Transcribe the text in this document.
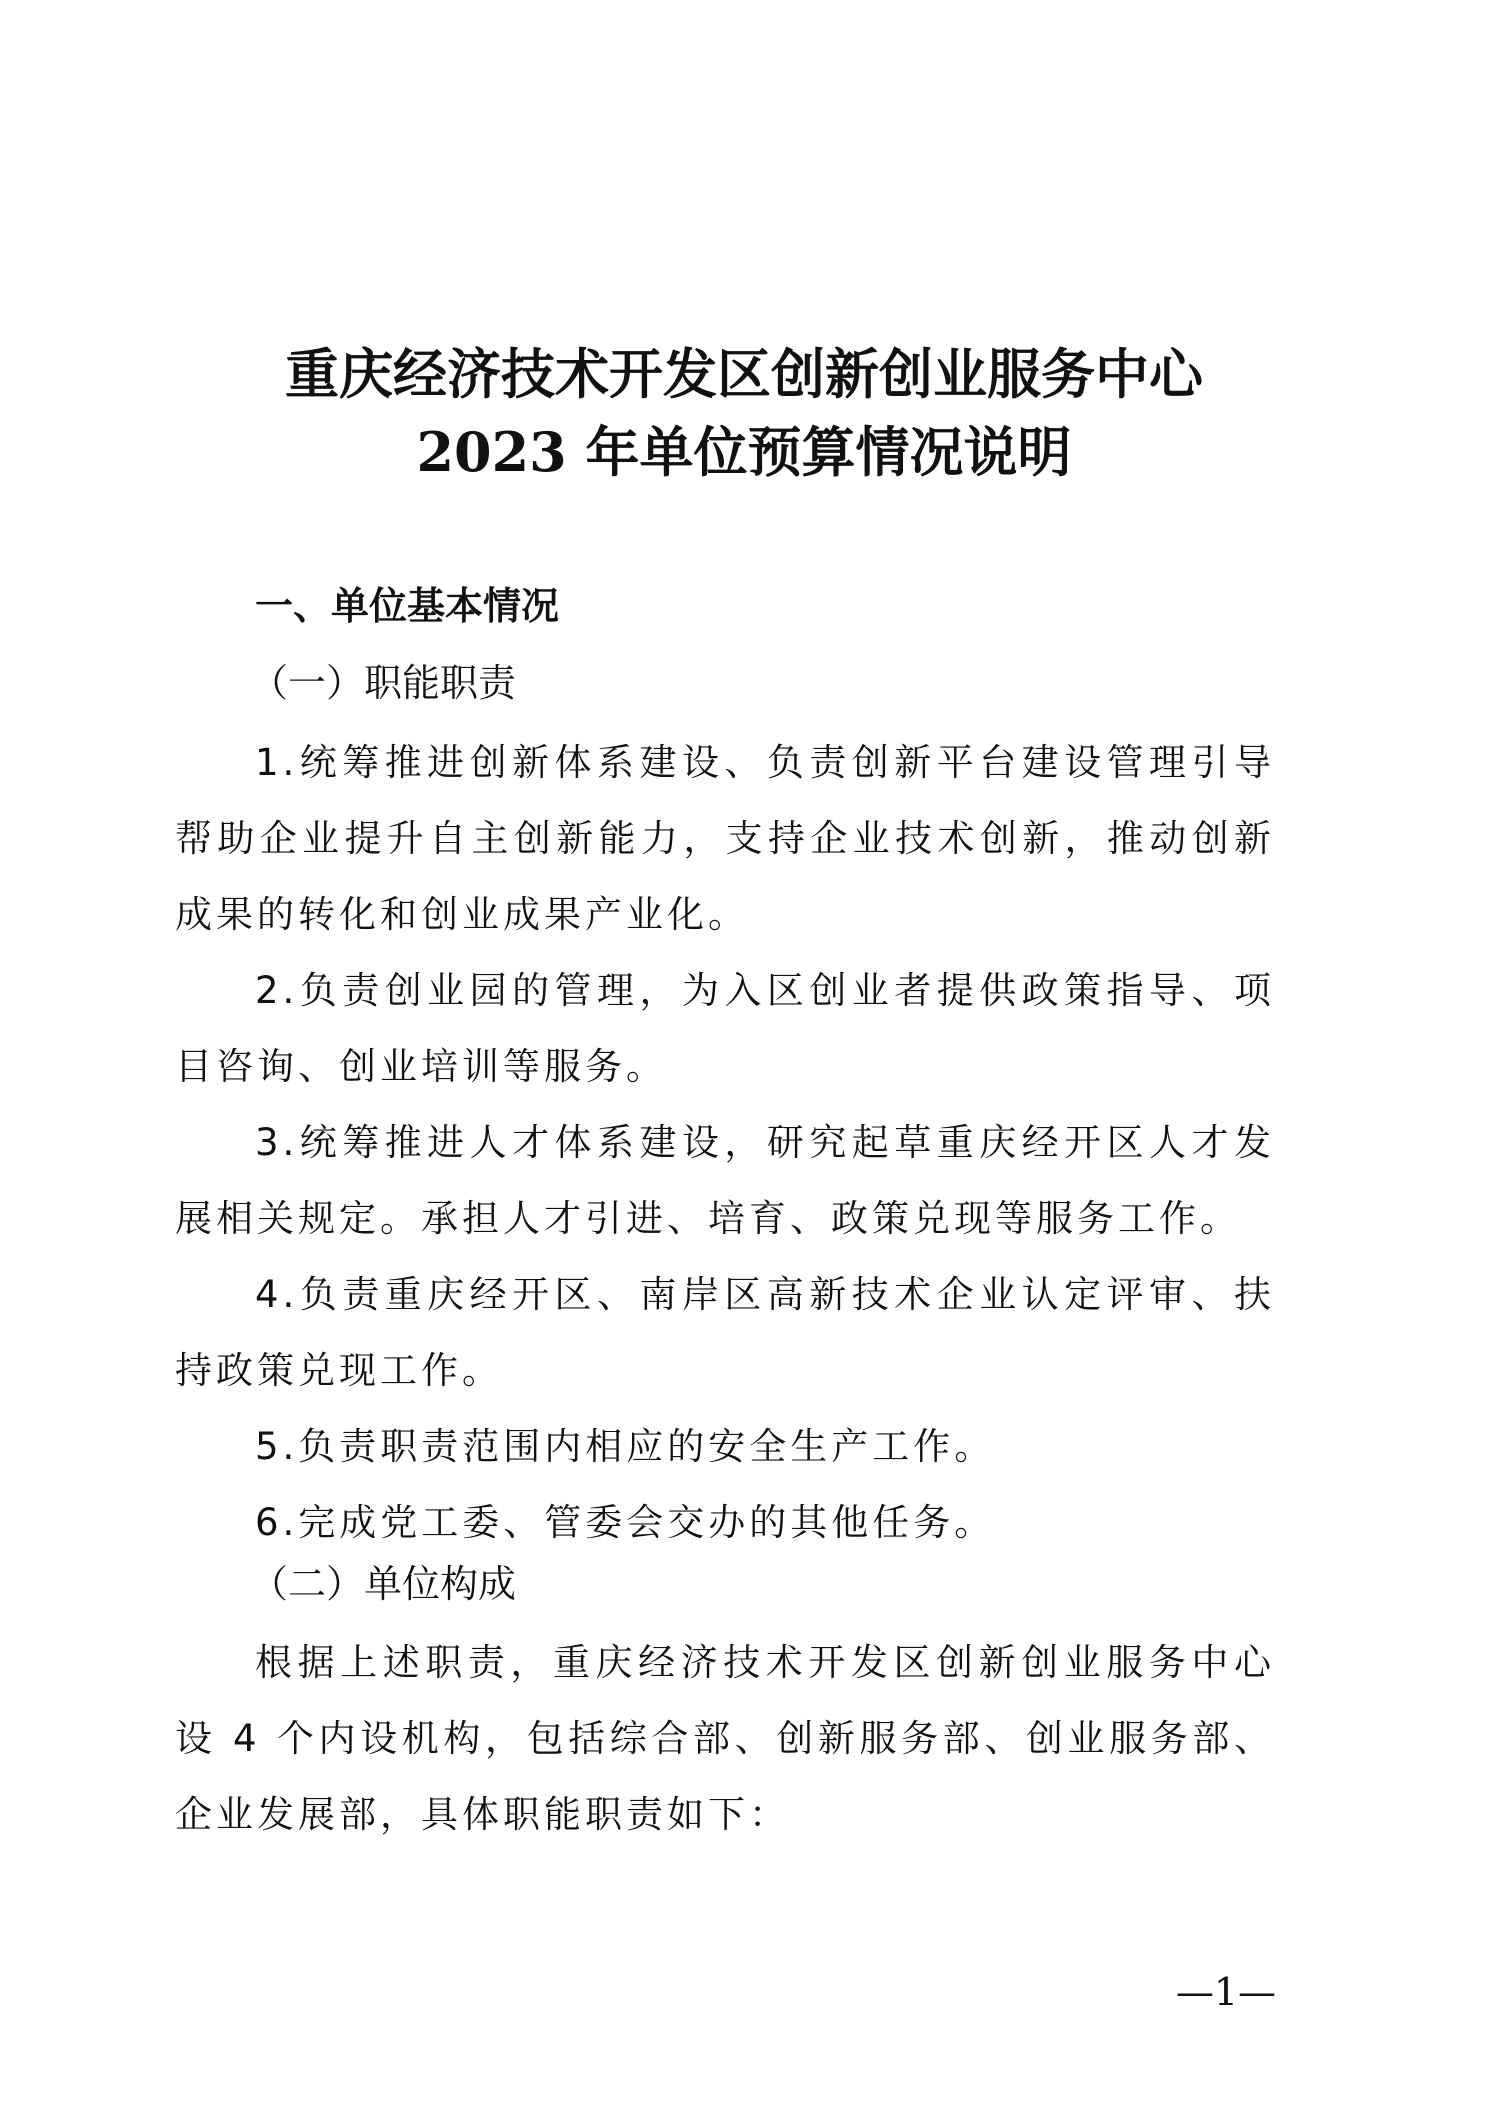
重庆经济技术开发区创新创业服务中心
2023 年单位预算情况说明
一、单位基本情况
（一）职能职责
1.统筹推进创新体系建设、负责创新平台建设管理引导帮助企业提升自主创新能力，支持企业技术创新，推动创新成果的转化和创业成果产业化。
2.负责创业园的管理，为入区创业者提供政策指导、项目咨询、创业培训等服务。
3.统筹推进人才体系建设，研究起草重庆经开区人才发展相关规定。承担人才引进、培育、政策兑现等服务工作。
4.负责重庆经开区、南岸区高新技术企业认定评审、扶持政策兑现工作。
5.负责职责范围内相应的安全生产工作。
6.完成党工委、管委会交办的其他任务。
（二）单位构成
根据上述职责，重庆经济技术开发区创新创业服务中心设 4 个内设机构，包括综合部、创新服务部、创业服务部、企业发展部，具体职能职责如下：
—1—
